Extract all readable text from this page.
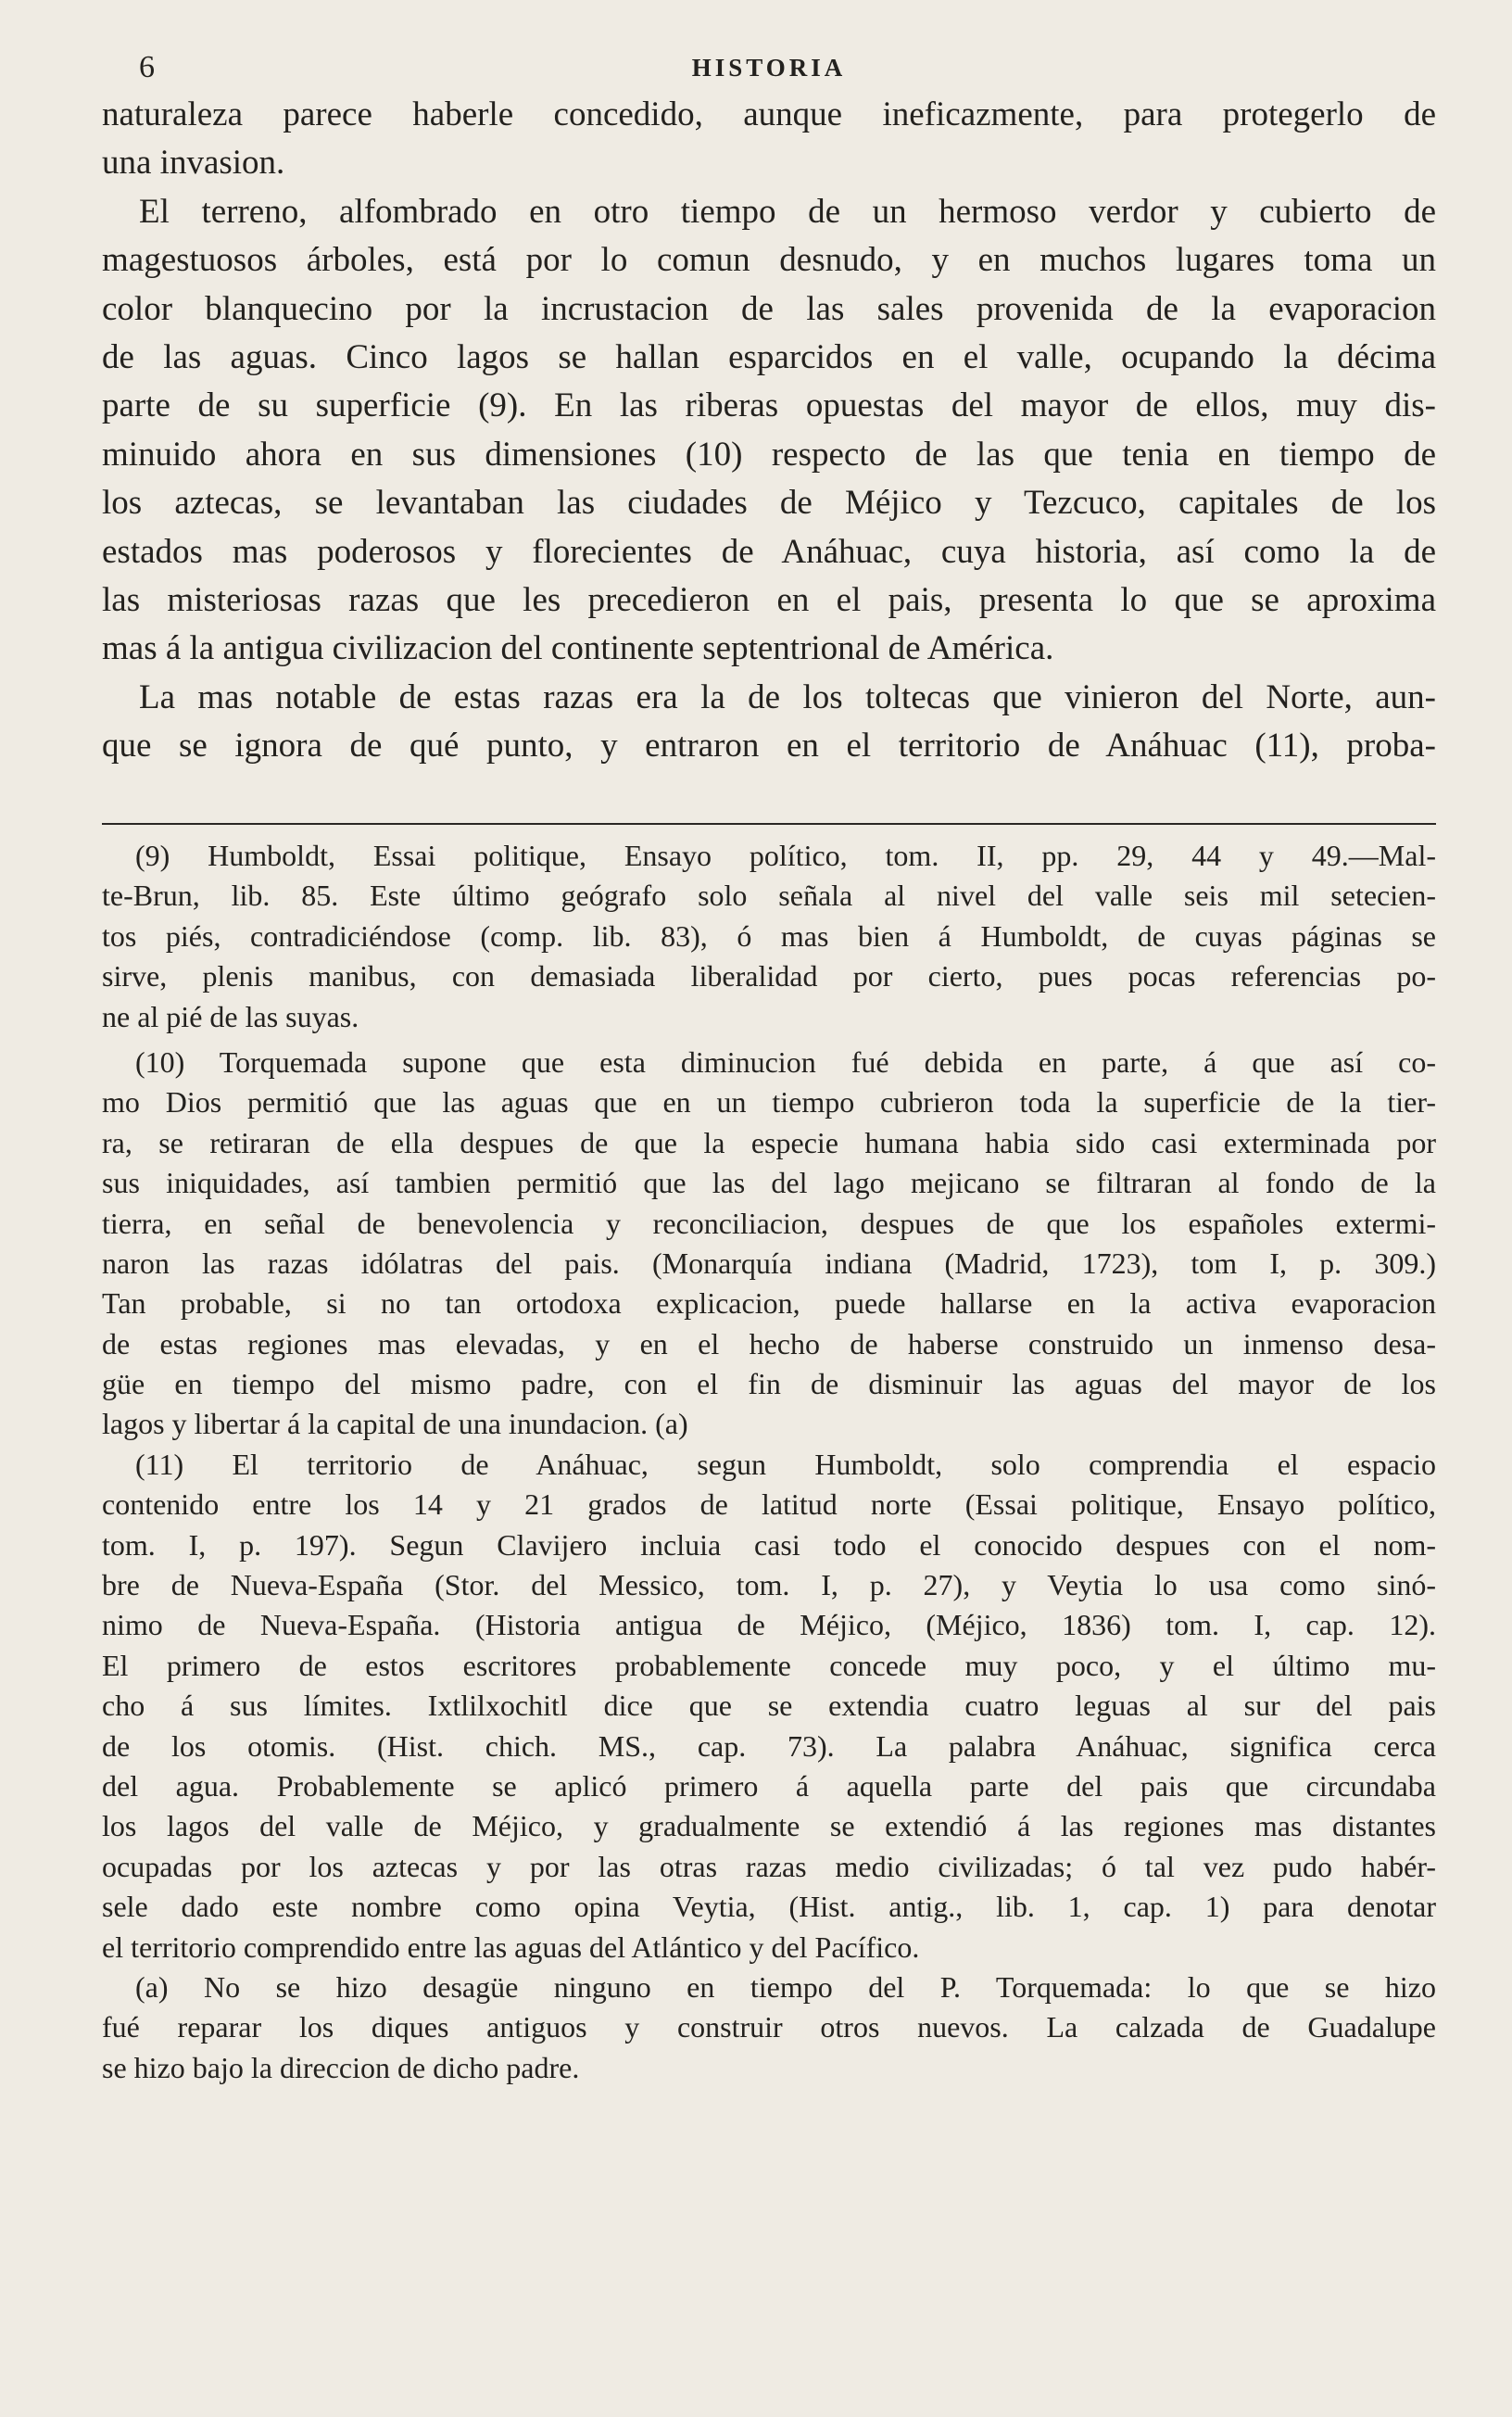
6	HISTORIA
naturaleza parece haberle concedido, aunque ineficazmente, para protegerlo de
una invasion.
El terreno, alfombrado en otro tiempo de un hermoso verdor y cubierto de
magestuosos árboles, está por lo comun desnudo, y en muchos lugares toma un
color blanquecino por la incrustacion de las sales provenida de la evaporacion
de las aguas. Cinco lagos se hallan esparcidos en el valle, ocupando la décima
parte de su superficie (9). En las riberas opuestas del mayor de ellos, muy dis-
minuido ahora en sus dimensiones (10) respecto de las que tenia en tiempo de
los aztecas, se levantaban las ciudades de Méjico y Tezcuco, capitales de los
estados mas poderosos y florecientes de Anáhuac, cuya historia, así como la de
las misteriosas razas que les precedieron en el pais, presenta lo que se aproxima
mas á la antigua civilizacion del continente septentrional de América.
La mas notable de estas razas era la de los toltecas que vinieron del Norte, aun-
que se ignora de qué punto, y entraron en el territorio de Anáhuac (11), proba-
(9) Humboldt, Essai politique, Ensayo político, tom. II, pp. 29, 44 y 49.—Mal-
te-Brun, lib. 85. Este último geógrafo solo señala al nivel del valle seis mil setecien-
tos piés, contradiciéndose (comp. lib. 83), ó mas bien á Humboldt, de cuyas páginas se
sirve, plenis manibus, con demasiada liberalidad por cierto, pues pocas referencias po-
ne al pié de las suyas.
(10) Torquemada supone que esta diminucion fué debida en parte, á que así co-
mo Dios permitió que las aguas que en un tiempo cubrieron toda la superficie de la tier-
ra, se retiraran de ella despues de que la especie humana habia sido casi exterminada por
sus iniquidades, así tambien permitió que las del lago mejicano se filtraran al fondo de la
tierra, en señal de benevolencia y reconciliacion, despues de que los españoles extermi-
naron las razas idólatras del pais. (Monarquía indiana (Madrid, 1723), tom I, p. 309.)
Tan probable, si no tan ortodoxa explicacion, puede hallarse en la activa evaporacion
de estas regiones mas elevadas, y en el hecho de haberse construido un inmenso desa-
güe en tiempo del mismo padre, con el fin de disminuir las aguas del mayor de los
lagos y libertar á la capital de una inundacion. (a)
(11) El territorio de Anáhuac, segun Humboldt, solo comprendia el espacio
contenido entre los 14 y 21 grados de latitud norte (Essai politique, Ensayo político,
tom. I, p. 197). Segun Clavijero incluia casi todo el conocido despues con el nom-
bre de Nueva-España (Stor. del Messico, tom. I, p. 27), y Veytia lo usa como sinó-
nimo de Nueva-España. (Historia antigua de Méjico, (Méjico, 1836) tom. I, cap. 12).
El primero de estos escritores probablemente concede muy poco, y el último mu-
cho á sus límites. Ixtlilxochitl dice que se extendia cuatro leguas al sur del pais
de los otomis. (Hist. chich. MS., cap. 73). La palabra Anáhuac, significa cerca
del agua. Probablemente se aplicó primero á aquella parte del pais que circundaba
los lagos del valle de Méjico, y gradualmente se extendió á las regiones mas distantes
ocupadas por los aztecas y por las otras razas medio civilizadas; ó tal vez pudo habér-
sele dado este nombre como opina Veytia, (Hist. antig., lib. 1, cap. 1) para denotar
el territorio comprendido entre las aguas del Atlántico y del Pacífico.
(a) No se hizo desagüe ninguno en tiempo del P. Torquemada: lo que se hizo
fué reparar los diques antiguos y construir otros nuevos. La calzada de Guadalupe
se hizo bajo la direccion de dicho padre.
